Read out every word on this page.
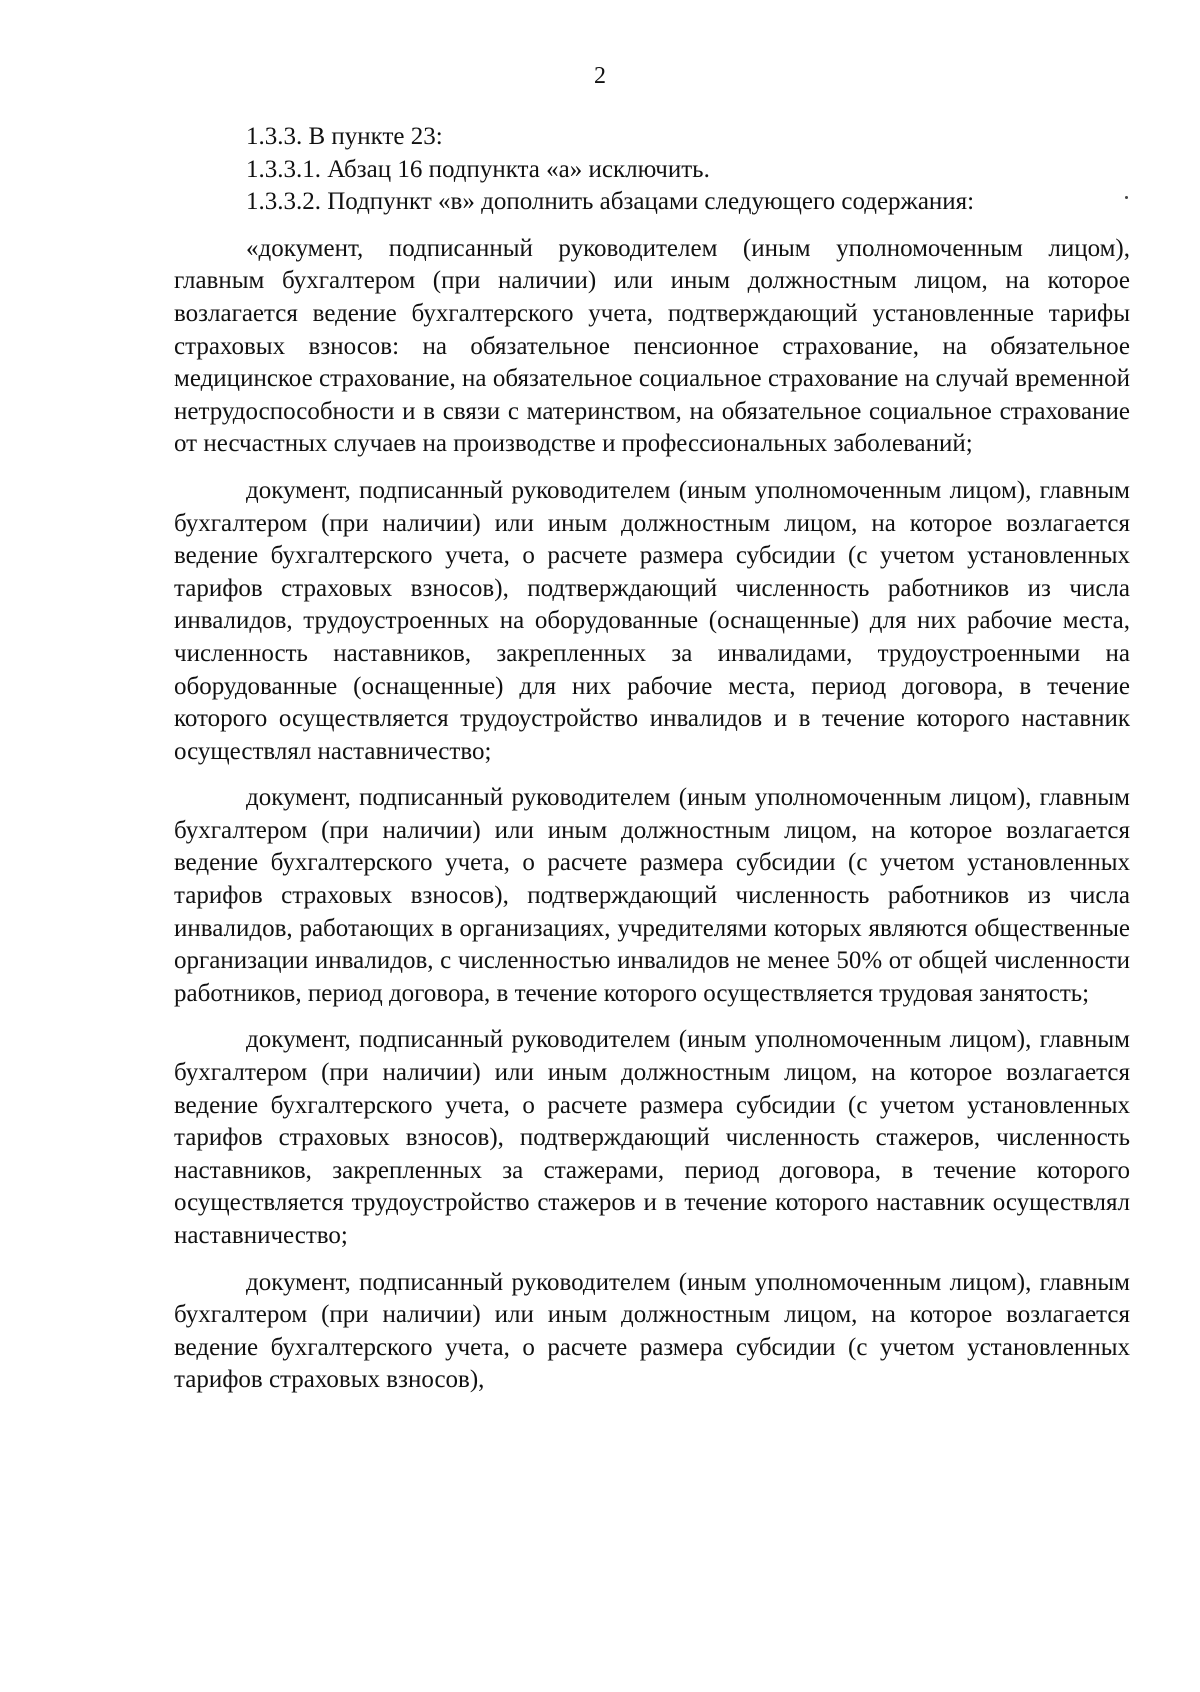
2

1.3.3. В пункте 23:

1.3.3.1. Абзац 16 подпункта «а» исключить.

1.3.3.2. Подпункт «в» дополнить абзацами следующего содержания:

«документ, подписанный руководителем (иным уполномоченным лицом), главным бухгалтером (при наличии) или иным должностным лицом, на которое возлагается ведение бухгалтерского учета, подтверждающий установленные тарифы страховых взносов: на обязательное пенсионное страхование, на обязательное медицинское страхование, на обязательное социальное страхование на случай временной нетрудоспособности и в связи с материнством, на обязательное социальное страхование от несчастных случаев на производстве и профессиональных заболеваний;

документ, подписанный руководителем (иным уполномоченным лицом), главным бухгалтером (при наличии) или иным должностным лицом, на которое возлагается ведение бухгалтерского учета, о расчете размера субсидии (с учетом установленных тарифов страховых взносов), подтверждающий численность работников из числа инвалидов, трудоустроенных на оборудованные (оснащенные) для них рабочие места, численность наставников, закрепленных за инвалидами, трудоустроенными на оборудованные (оснащенные) для них рабочие места, период договора, в течение которого осуществляется трудоустройство инвалидов и в течение которого наставник осуществлял наставничество;

документ, подписанный руководителем (иным уполномоченным лицом), главным бухгалтером (при наличии) или иным должностным лицом, на которое возлагается ведение бухгалтерского учета, о расчете размера субсидии (с учетом установленных тарифов страховых взносов), подтверждающий численность работников из числа инвалидов, работающих в организациях, учредителями которых являются общественные организации инвалидов, с численностью инвалидов не менее 50% от общей численности работников, период договора, в течение которого осуществляется трудовая занятость;

документ, подписанный руководителем (иным уполномоченным лицом), главным бухгалтером (при наличии) или иным должностным лицом, на которое возлагается ведение бухгалтерского учета, о расчете размера субсидии (с учетом установленных тарифов страховых взносов), подтверждающий численность стажеров, численность наставников, закрепленных за стажерами, период договора, в течение которого осуществляется трудоустройство стажеров и в течение которого наставник осуществлял наставничество;

документ, подписанный руководителем (иным уполномоченным лицом), главным бухгалтером (при наличии) или иным должностным лицом, на которое возлагается ведение бухгалтерского учета, о расчете размера субсидии (с учетом установленных тарифов страховых взносов),
